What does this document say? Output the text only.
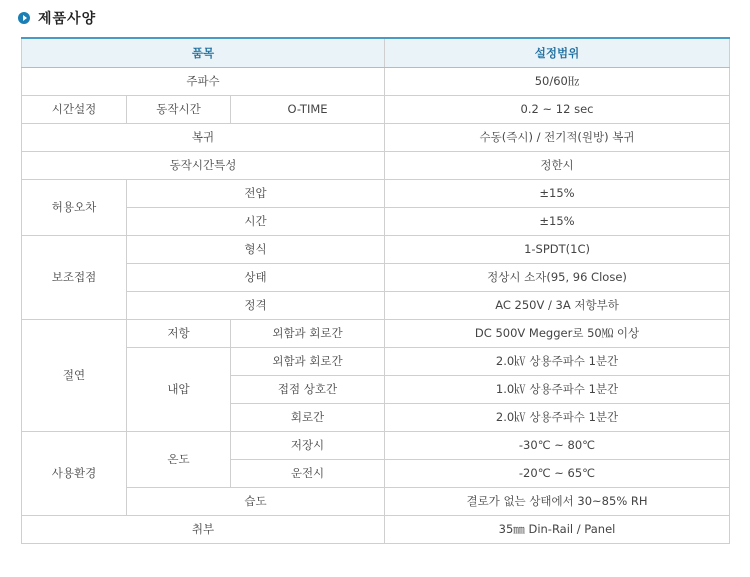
제품사양
품목			설정범위
주파수			50/60㎐
시간설정	동작시간	O-TIME	0.2 ~ 12 sec
복귀			수동(즉시) / 전기적(원방) 복귀
동작시간특성			정한시
허용오차	전압		±15%
	시간		±15%
보조접점	형식		1-SPDT(1C)
	상태		정상시 소자(95, 96 Close)
	정격		AC 250V / 3A 저항부하
절연	저항	외함과 회로간	DC 500V Megger로 50㏁ 이상
	내압	외함과 회로간	2.0㎸ 상용주파수 1분간
		접점 상호간	1.0㎸ 상용주파수 1분간
		회로간	2.0㎸ 상용주파수 1분간
사용환경	온도	저장시	-30℃ ~ 80℃
		운전시	-20℃ ~ 65℃
	습도		결로가 없는 상태에서 30~85% RH
취부			35㎜ Din-Rail / Panel
